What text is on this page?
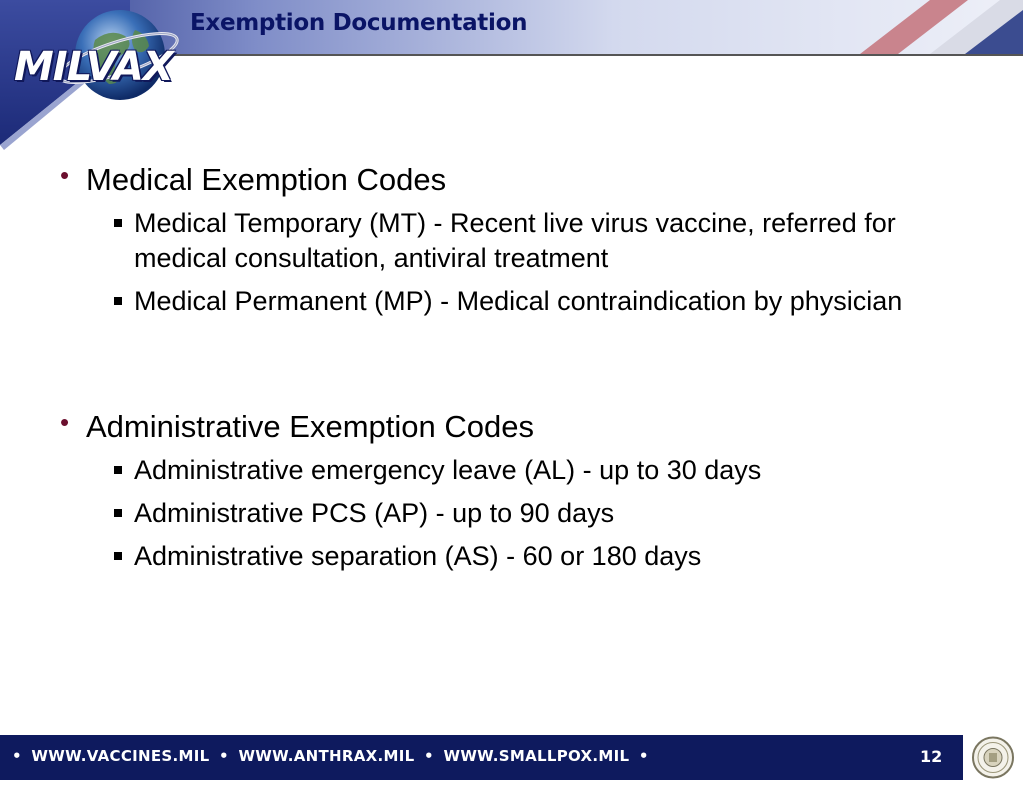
MILVAX
Exemption Documentation
• Medical Exemption Codes
Medical Temporary (MT) - Recent live virus vaccine, referred for medical consultation, antiviral treatment
Medical Permanent (MP) - Medical contraindication by physician
• Administrative Exemption Codes
Administrative emergency leave (AL) - up to 30 days
Administrative PCS (AP) - up to 90 days
Administrative separation (AS) - 60 or 180 days
• WWW.VACCINES.MIL • WWW.ANTHRAX.MIL • WWW.SMALLPOX.MIL •	12
